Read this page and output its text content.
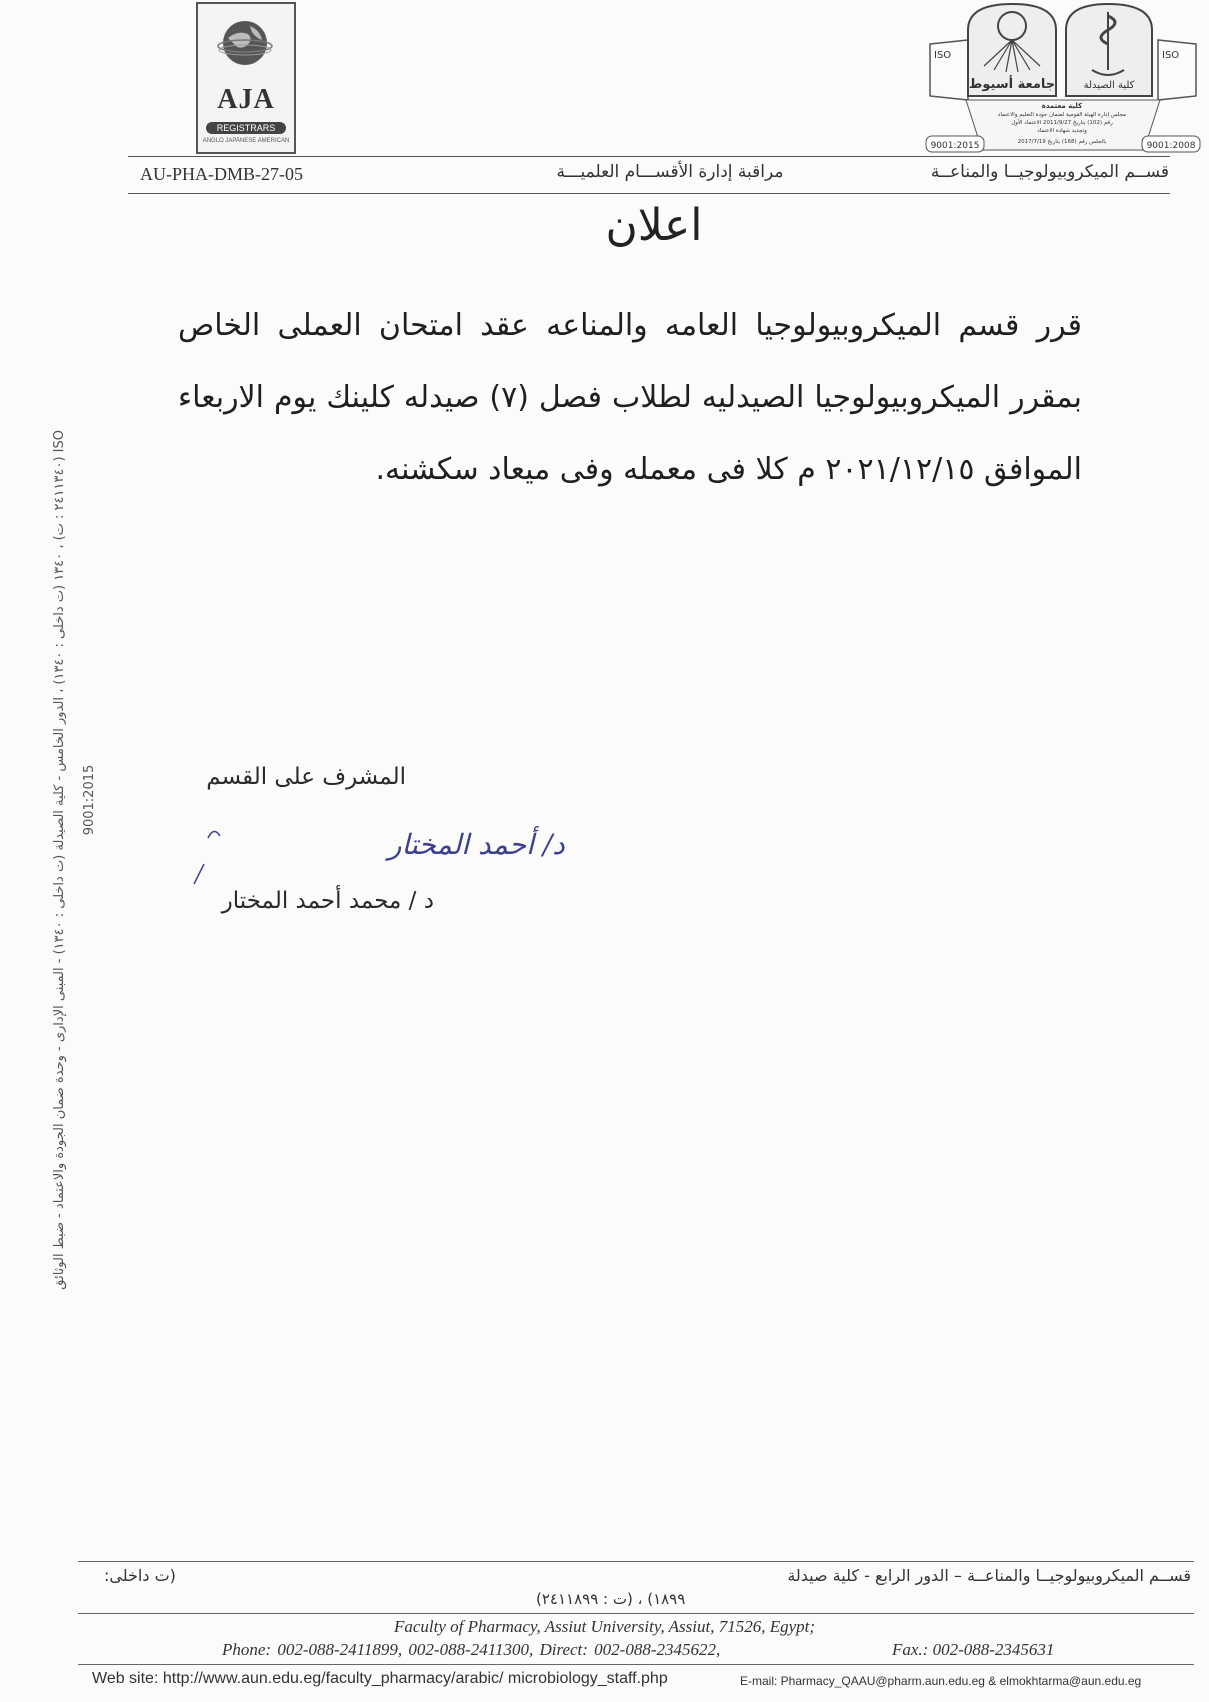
AJA
REGISTRARS
ANGLO JAPANESE AMERICAN
ISO	ISO
جامعة أسيوط	كلية الصيدلة
كلية معتمدة
مجلس إدارة الهيئة القومية لضمان جودة التعليم والاعتماد
رقم (102) بتاريخ 2011/9/27 الاعتماد الأول
وتجديد شهادة الاعتماد
بالجلس رقم (168) بتاريخ 2017/7/19
9001:2015	9001:2008
AU-PHA-DMB-27-05	مراقبة إدارة الأقســـام العلميـــة	قســم الميكروبيولوجيــا والمناعــة
اعلان
قرر قسم الميكروبيولوجيا العامه والمناعه عقد امتحان العملى الخاص بمقرر الميكروبيولوجيا الصيدليه لطلاب فصل (٧) صيدله كلينك يوم الاربعاء الموافق ٢٠٢١/١٢/١٥ م كلا فى معمله وفى ميعاد سكشنه.
المشرف على القسم
د/ أحمد المختار
د / محمد أحمد المختار
ISO (٢٤١١٣٤٠ : ت) ، ١٣٤٠ (ت داخلى : ١٣٤٠) ، الدور الخامس - كلية الصيدلة (ت داخلى : ١٣٤٠) - المبنى الإدارى - وحدة ضمان الجودة والاعتماد - ضبط الوثائق
9001:2015
قســم الميكروبيولوجيــا والمناعــة – الدور الرابع - كلية صيدلة
(ت داخلى:
١٨٩٩) ، (ت : ٢٤١١٨٩٩)
Faculty of Pharmacy, Assiut University, Assiut, 71526, Egypt;
Phone: 002-088-2411899, 002-088-2411300, Direct: 002-088-2345622,	Fax.: 002-088-2345631
Web site: http://www.aun.edu.eg/faculty_pharmacy/arabic/ microbiology_staff.php	E-mail: Pharmacy_QAAU@pharm.aun.edu.eg & elmokhtarma@aun.edu.eg
